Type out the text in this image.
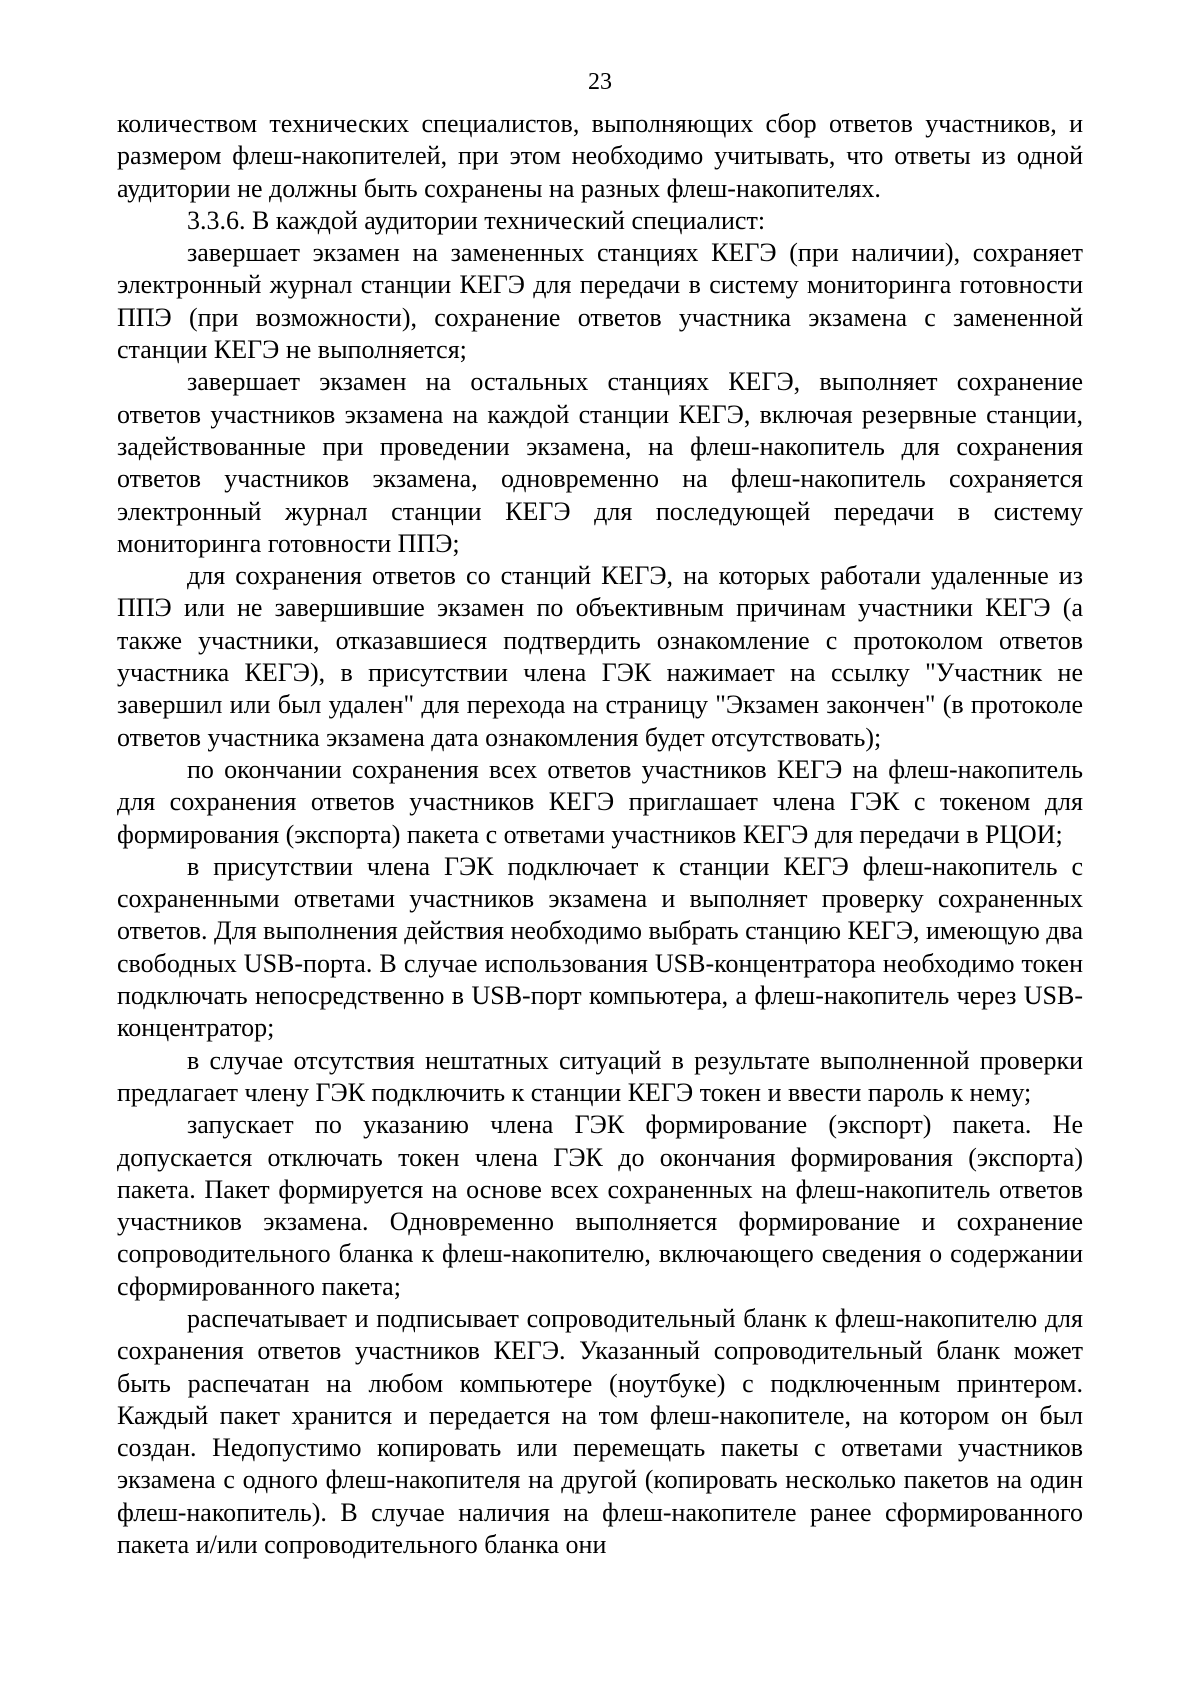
23

количеством технических специалистов, выполняющих сбор ответов участников, и размером флеш-накопителей, при этом необходимо учитывать, что ответы из одной аудитории не должны быть сохранены на разных флеш-накопителях.

3.3.6. В каждой аудитории технический специалист:

завершает экзамен на замененных станциях КЕГЭ (при наличии), сохраняет электронный журнал станции КЕГЭ для передачи в систему мониторинга готовности ППЭ (при возможности), сохранение ответов участника экзамена с замененной станции КЕГЭ не выполняется;

завершает экзамен на остальных станциях КЕГЭ, выполняет сохранение ответов участников экзамена на каждой станции КЕГЭ, включая резервные станции, задействованные при проведении экзамена, на флеш-накопитель для сохранения ответов участников экзамена, одновременно на флеш-накопитель сохраняется электронный журнал станции КЕГЭ для последующей передачи в систему мониторинга готовности ППЭ;

для сохранения ответов со станций КЕГЭ, на которых работали удаленные из ППЭ или не завершившие экзамен по объективным причинам участники КЕГЭ (а также участники, отказавшиеся подтвердить ознакомление с протоколом ответов участника КЕГЭ), в присутствии члена ГЭК нажимает на ссылку "Участник не завершил или был удален" для перехода на страницу "Экзамен закончен" (в протоколе ответов участника экзамена дата ознакомления будет отсутствовать);

по окончании сохранения всех ответов участников КЕГЭ на флеш-накопитель для сохранения ответов участников КЕГЭ приглашает члена ГЭК с токеном для формирования (экспорта) пакета с ответами участников КЕГЭ для передачи в РЦОИ;

в присутствии члена ГЭК подключает к станции КЕГЭ флеш-накопитель с сохраненными ответами участников экзамена и выполняет проверку сохраненных ответов. Для выполнения действия необходимо выбрать станцию КЕГЭ, имеющую два свободных USB-порта. В случае использования USB-концентратора необходимо токен подключать непосредственно в USB-порт компьютера, а флеш-накопитель через USB-концентратор;

в случае отсутствия нештатных ситуаций в результате выполненной проверки предлагает члену ГЭК подключить к станции КЕГЭ токен и ввести пароль к нему;

запускает по указанию члена ГЭК формирование (экспорт) пакета. Не допускается отключать токен члена ГЭК до окончания формирования (экспорта) пакета. Пакет формируется на основе всех сохраненных на флеш-накопитель ответов участников экзамена. Одновременно выполняется формирование и сохранение сопроводительного бланка к флеш-накопителю, включающего сведения о содержании сформированного пакета;

распечатывает и подписывает сопроводительный бланк к флеш-накопителю для сохранения ответов участников КЕГЭ. Указанный сопроводительный бланк может быть распечатан на любом компьютере (ноутбуке) с подключенным принтером. Каждый пакет хранится и передается на том флеш-накопителе, на котором он был создан. Недопустимо копировать или перемещать пакеты с ответами участников экзамена с одного флеш-накопителя на другой (копировать несколько пакетов на один флеш-накопитель). В случае наличия на флеш-накопителе ранее сформированного пакета и/или сопроводительного бланка они
